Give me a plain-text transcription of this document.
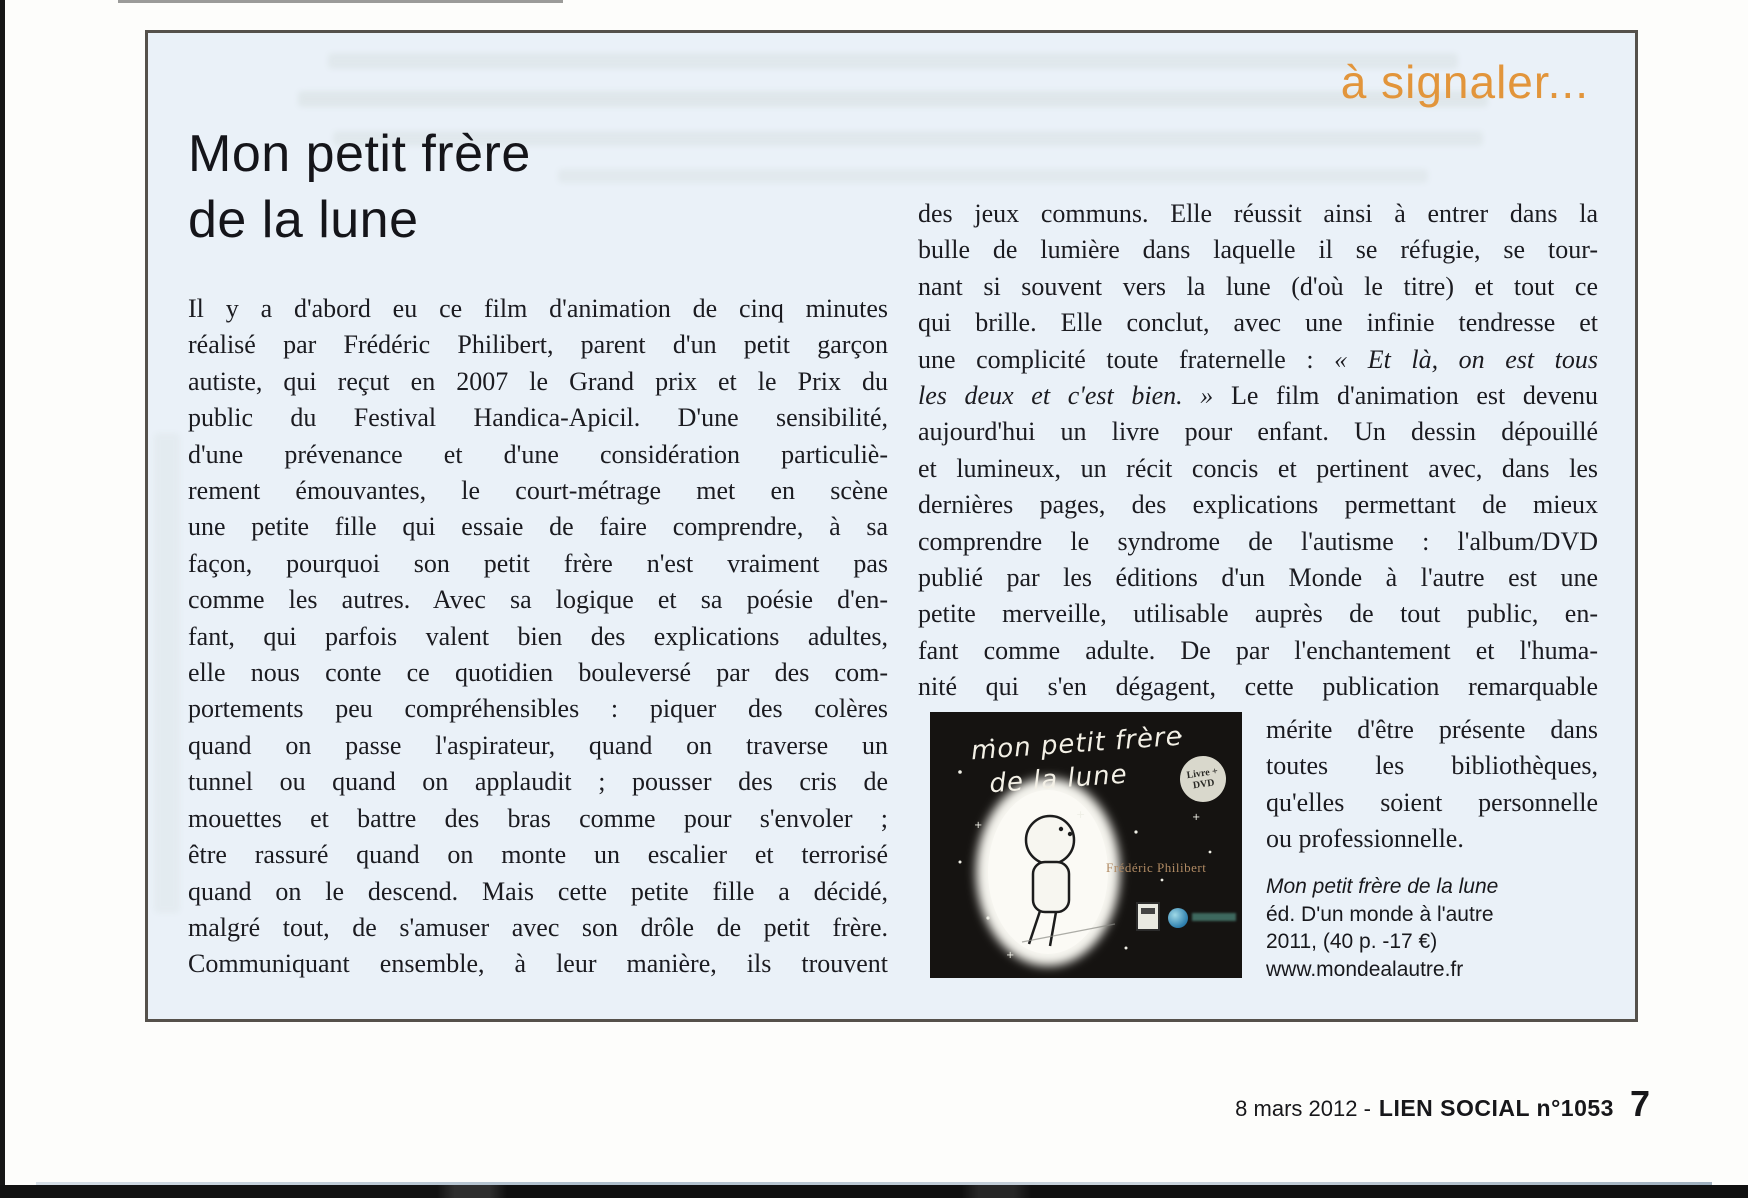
à signaler...
Mon petit frère
de la lune
Il y a d'abord eu ce film d'animation de cinq minutes
réalisé par Frédéric Philibert, parent d'un petit garçon
autiste, qui reçut en 2007 le Grand prix et le Prix du
public du Festival Handica-Apicil. D'une sensibilité,
d'une prévenance et d'une considération particuliè-
rement émouvantes, le court-métrage met en scène
une petite fille qui essaie de faire comprendre, à sa
façon, pourquoi son petit frère n'est vraiment pas
comme les autres. Avec sa logique et sa poésie d'en-
fant, qui parfois valent bien des explications adultes,
elle nous conte ce quotidien bouleversé par des com-
portements peu compréhensibles : piquer des colères
quand on passe l'aspirateur, quand on traverse un
tunnel ou quand on applaudit ; pousser des cris de
mouettes et battre des bras comme pour s'envoler ;
être rassuré quand on monte un escalier et terrorisé
quand on le descend. Mais cette petite fille a décidé,
malgré tout, de s'amuser avec son drôle de petit frère.
Communiquant ensemble, à leur manière, ils trouvent
des jeux communs. Elle réussit ainsi à entrer dans la
bulle de lumière dans laquelle il se réfugie, se tour-
nant si souvent vers la lune (d'où le titre) et tout ce
qui brille. Elle conclut, avec une infinie tendresse et
une complicité toute fraternelle : « Et là, on est tous
les deux et c'est bien. » Le film d'animation est devenu
aujourd'hui un livre pour enfant. Un dessin dépouillé
et lumineux, un récit concis et pertinent avec, dans les
dernières pages, des explications permettant de mieux
comprendre le syndrome de l'autisme : l'album/DVD
publié par les éditions d'un Monde à l'autre est une
petite merveille, utilisable auprès de tout public, en-
fant comme adulte. De par l'enchantement et l'huma-
nité qui s'en dégagent, cette publication remarquable
+
+
+
+
mon petit frère
de la lune	Livre +
DVD
Frédéric Philibert
mérite d'être présente dans
toutes les bibliothèques,
qu'elles soient personnelle
ou professionnelle.
Mon petit frère de la lune
éd. D'un monde à l'autre
2011, (40 p. -17 €)
www.mondealautre.fr
8 mars 2012 - LIEN SOCIAL n°1053 7
